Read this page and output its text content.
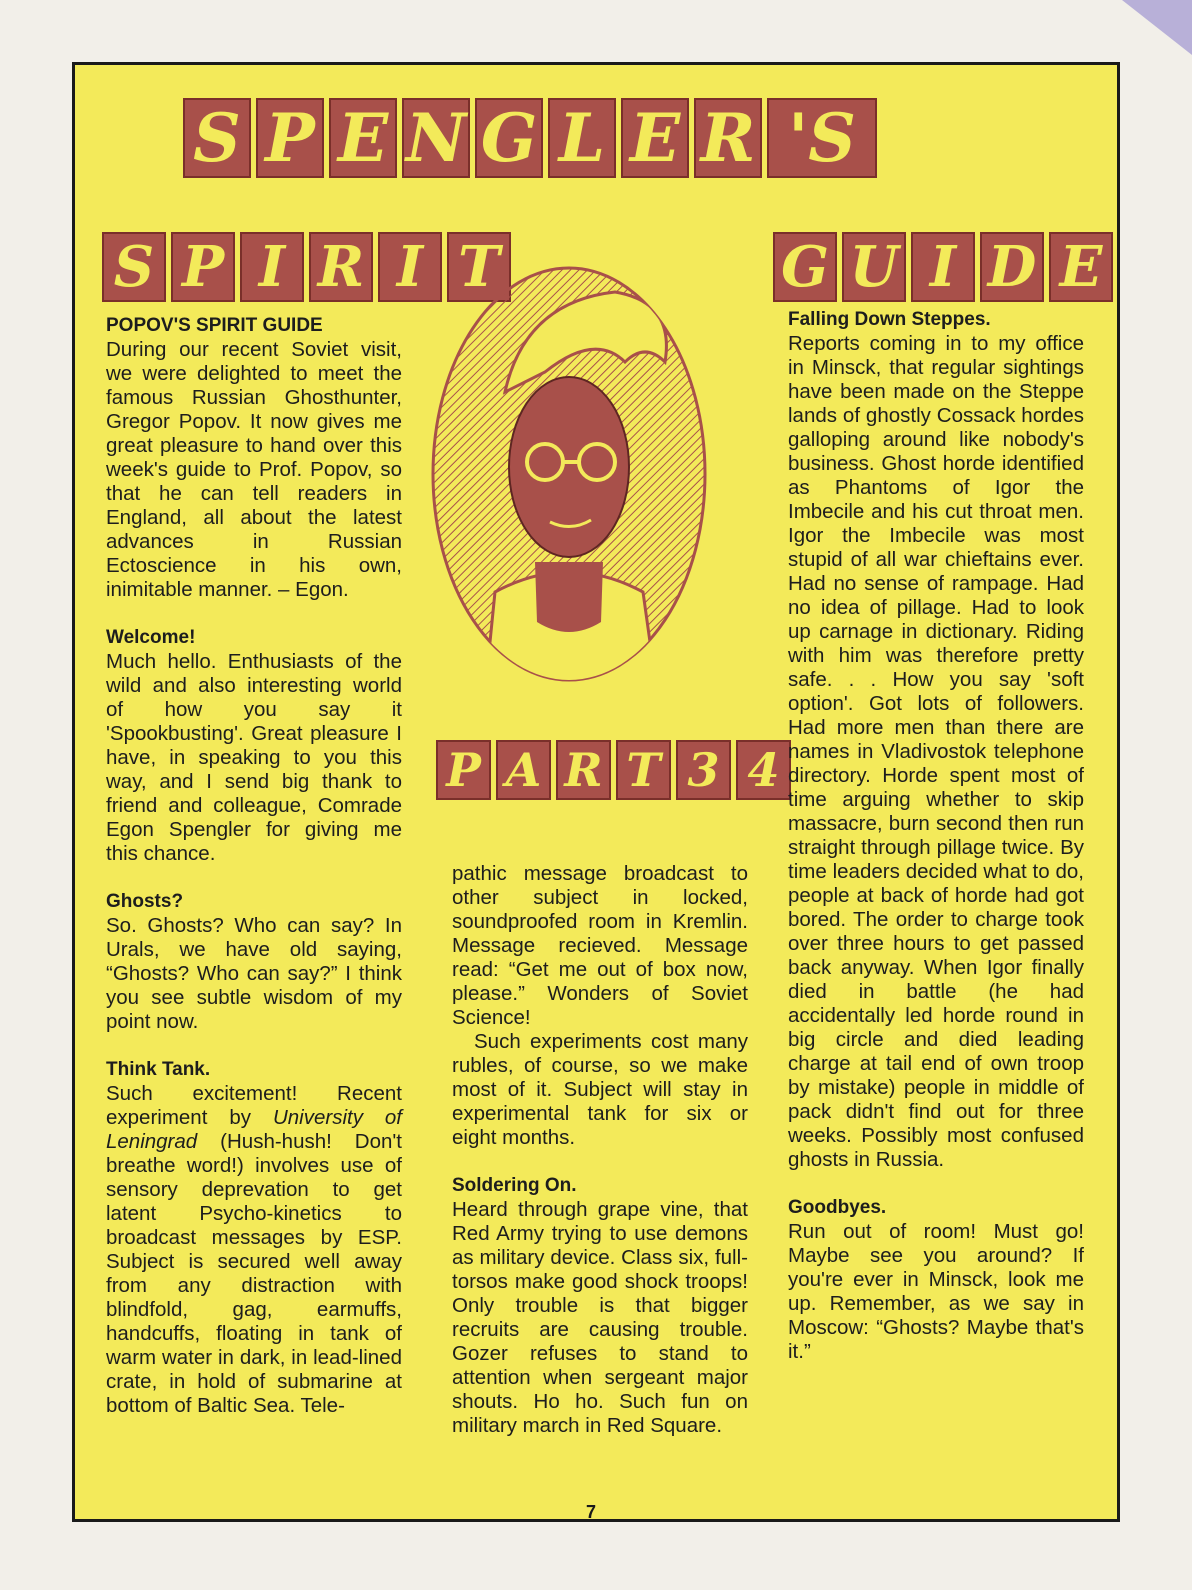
S P E N G L E R 'S
S P I R I T	G U I D E
P A R T 3 4
POPOV'S SPIRIT GUIDE

During our recent Soviet visit, we were delighted to meet the famous Russian Ghosthunter, Gregor Popov. It now gives me great pleasure to hand over this week's guide to Prof. Popov, so that he can tell readers in England, all about the latest advances in Russian Ectoscience in his own, inimitable manner. – Egon.

Welcome!

Much hello. Enthusiasts of the wild and also interesting world of how you say it 'Spookbusting'. Great pleasure I have, in speaking to you this way, and I send big thank to friend and colleague, Comrade Egon Spengler for giving me this chance.

Ghosts?

So. Ghosts? Who can say? In Urals, we have old saying, “Ghosts? Who can say?” I think you see subtle wisdom of my point now.

Think Tank.

Such excitement! Recent experiment by University of Leningrad (Hush-hush! Don't breathe word!) involves use of sensory deprevation to get latent Psycho-kinetics to broadcast messages by ESP. Subject is secured well away from any distraction with blindfold, gag, earmuffs, handcuffs, floating in tank of warm water in dark, in lead-lined crate, in hold of submarine at bottom of Baltic Sea. Tele-

pathic message broadcast to other subject in locked, soundproofed room in Kremlin. Message recieved. Message read: “Get me out of box now, please.” Wonders of Soviet Science!

Such experiments cost many rubles, of course, so we make most of it. Subject will stay in experimental tank for six or eight months.

Soldering On.

Heard through grape vine, that Red Army trying to use demons as military device. Class six, full-torsos make good shock troops! Only trouble is that bigger recruits are causing trouble. Gozer refuses to stand to attention when sergeant major shouts. Ho ho. Such fun on military march in Red Square.

Falling Down Steppes.

Reports coming in to my office in Minsck, that regular sightings have been made on the Steppe lands of ghostly Cossack hordes galloping around like nobody's business. Ghost horde identified as Phantoms of Igor the Imbecile and his cut throat men. Igor the Imbecile was most stupid of all war chieftains ever. Had no sense of rampage. Had no idea of pillage. Had to look up carnage in dictionary. Riding with him was therefore pretty safe. . . How you say 'soft option'. Got lots of followers. Had more men than there are names in Vladivostok telephone directory. Horde spent most of time arguing whether to skip massacre, burn second then run straight through pillage twice. By time leaders decided what to do, people at back of horde had got bored. The order to charge took over three hours to get passed back anyway. When Igor finally died in battle (he had accidentally led horde round in big circle and died leading charge at tail end of own troop by mistake) people in middle of pack didn't find out for three weeks. Possibly most confused ghosts in Russia.

Goodbyes.

Run out of room! Must go! Maybe see you around? If you're ever in Minsck, look me up. Remember, as we say in Moscow: “Ghosts? Maybe that's it.”

7
